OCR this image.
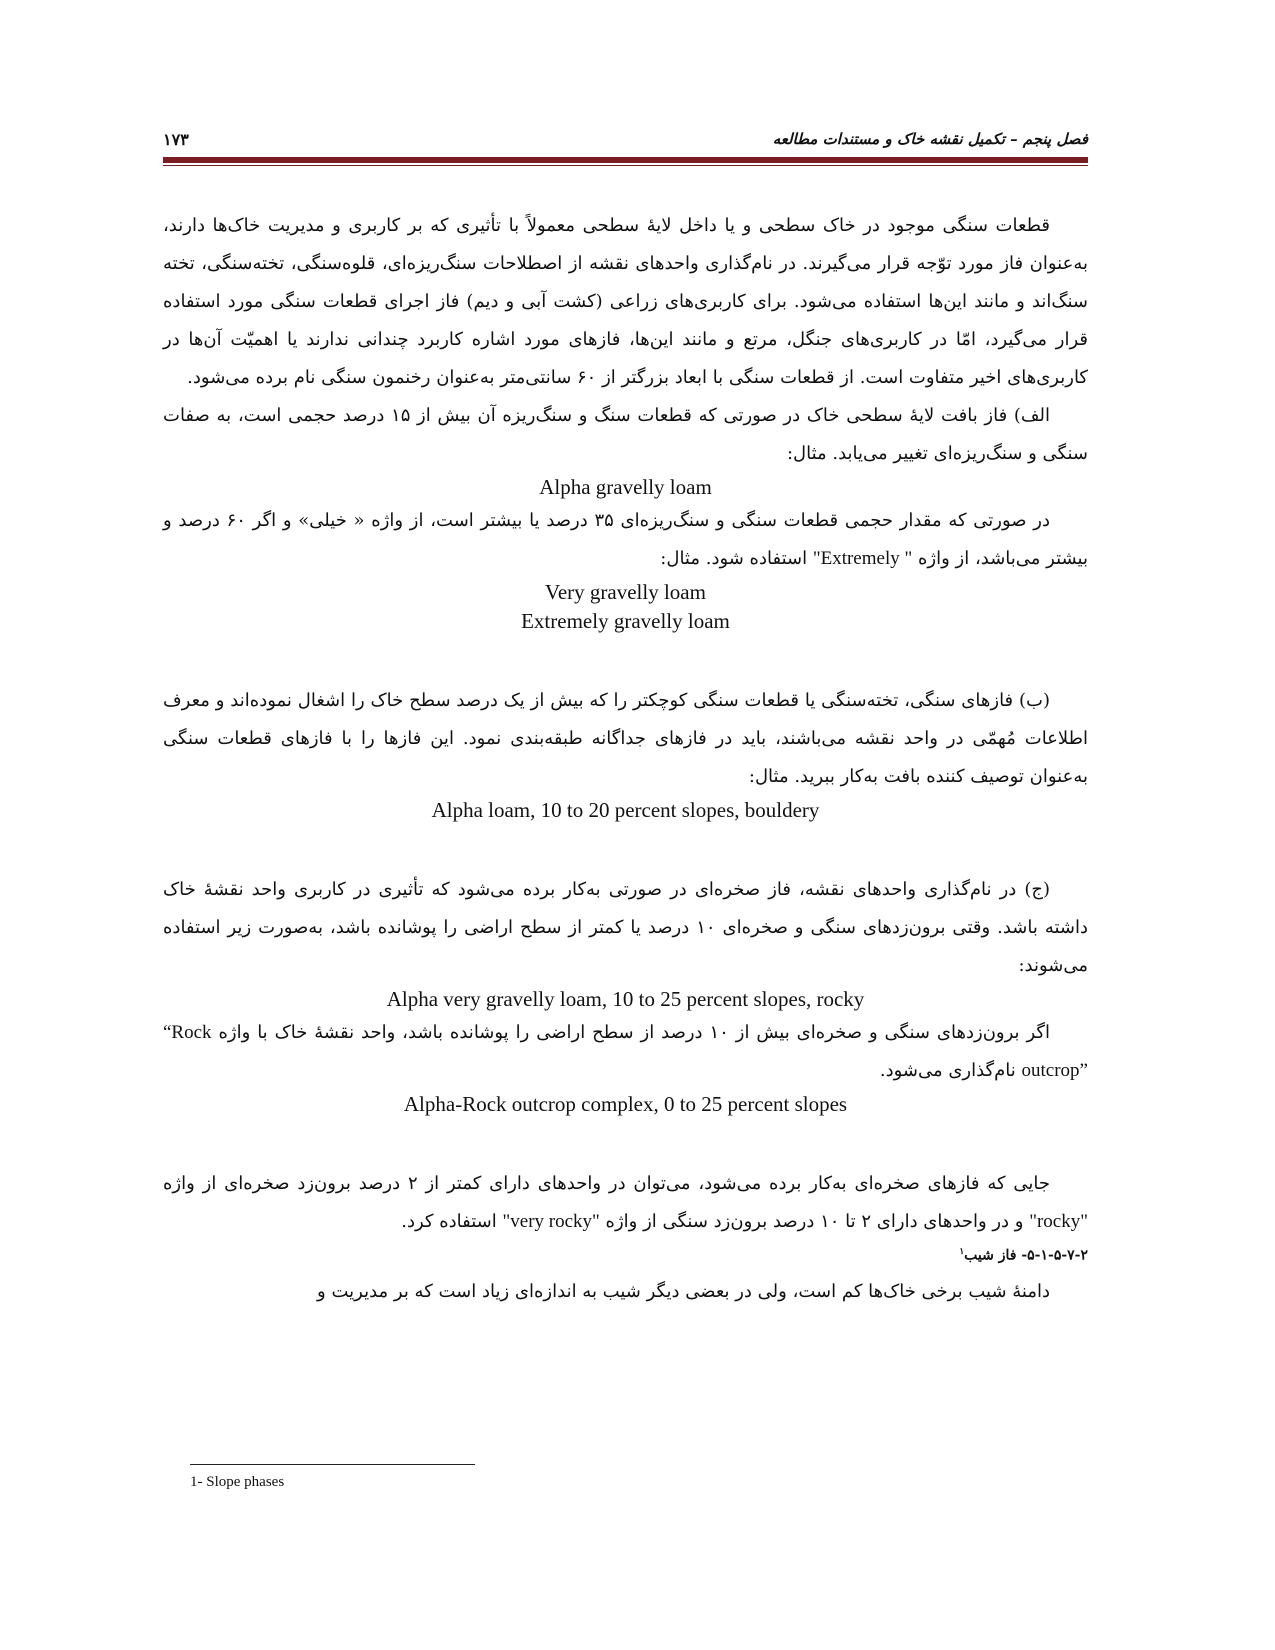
۱۷۳	فصل پنجم – تکمیل نقشه خاک و مستندات مطالعه

قطعات سنگی موجود در خاک سطحی و یا داخل لایۀ سطحی معمولاً با تأثیری که بر کاربری و مدیریت خاک‌ها دارند، به‌عنوان فاز مورد توّجه قرار می‌گیرند. در نام‌گذاری واحدهای نقشه از اصطلاحات سنگ‌ریزه‌ای، قلوه‌سنگی، تخته‌سنگی، تخته سنگ‌اند و مانند این‌ها استفاده می‌شود. برای کاربری‌های زراعی (کشت آبی و دیم) فاز اجرای قطعات سنگی مورد استفاده قرار می‌گیرد، امّا در کاربری‌های جنگل، مرتع و مانند این‌ها، فازهای مورد اشاره کاربرد چندانی ندارند یا اهمیّت آن‌ها در کاربری‌های اخیر متفاوت است. از قطعات سنگی با ابعاد بزرگتر از ۶۰ سانتی‌متر به‌عنوان رخنمون سنگی نام برده می‌شود.

الف) فاز بافت لایۀ سطحی خاک در صورتی که قطعات سنگ و سنگ‌ریزه آن بیش از ۱۵ درصد حجمی است، به صفات سنگی و سنگ‌ریزه‌ای تغییر می‌یابد. مثال:

Alpha gravelly loam

در صورتی که مقدار حجمی قطعات سنگی و سنگ‌ریزه‌ای ۳۵ درصد یا بیشتر است، از واژه « خیلی» و اگر ۶۰ درصد و بیشتر می‌باشد، از واژه "Extremely " استفاده شود. مثال:

Very gravelly loam

Extremely gravelly loam

(ب) فازهای سنگی، تخته‌سنگی یا قطعات سنگی کوچکتر را که بیش از یک درصد سطح خاک را اشغال نموده‌اند و معرف اطلاعات مُهمّی در واحد نقشه می‌باشند، باید در فازهای جداگانه طبقه‌بندی نمود. این فازها را با فازهای قطعات سنگی به‌عنوان توصیف کننده بافت به‌کار ببرید. مثال:

Alpha loam, 10 to 20 percent slopes, bouldery

(ج) در نام‌گذاری واحدهای نقشه، فاز صخره‌ای در صورتی به‌کار برده می‌شود که تأثیری در کاربری واحد نقشۀ خاک داشته باشد. وقتی برون‌زدهای سنگی و صخره‌ای ۱۰ درصد یا کمتر از سطح اراضی را پوشانده باشد، به‌صورت زیر استفاده می‌شوند:

Alpha very gravelly loam, 10 to 25 percent slopes, rocky

اگر برون‌زدهای سنگی و صخره‌ای بیش از ۱۰ درصد از سطح اراضی را پوشانده باشد، واحد نقشۀ خاک با واژه “Rock outcrop” نام‌گذاری می‌شود.

Alpha-Rock outcrop complex, 0 to 25 percent slopes

جایی که فازهای صخره‌ای به‌کار برده می‌شود، می‌توان در واحدهای دارای کمتر از ۲ درصد برون‌زد صخره‌ای از واژه "rocky" و در واحدهای دارای ۲ تا ۱۰ درصد برون‌زد سنگی از واژه "very rocky" استفاده کرد.

۵-۱-۵-۷-۲- فاز شیب$^۱$

دامنۀ شیب برخی خاک‌ها کم است، ولی در بعضی دیگر شیب به اندازه‌ای زیاد است که بر مدیریت و

1- Slope phases
